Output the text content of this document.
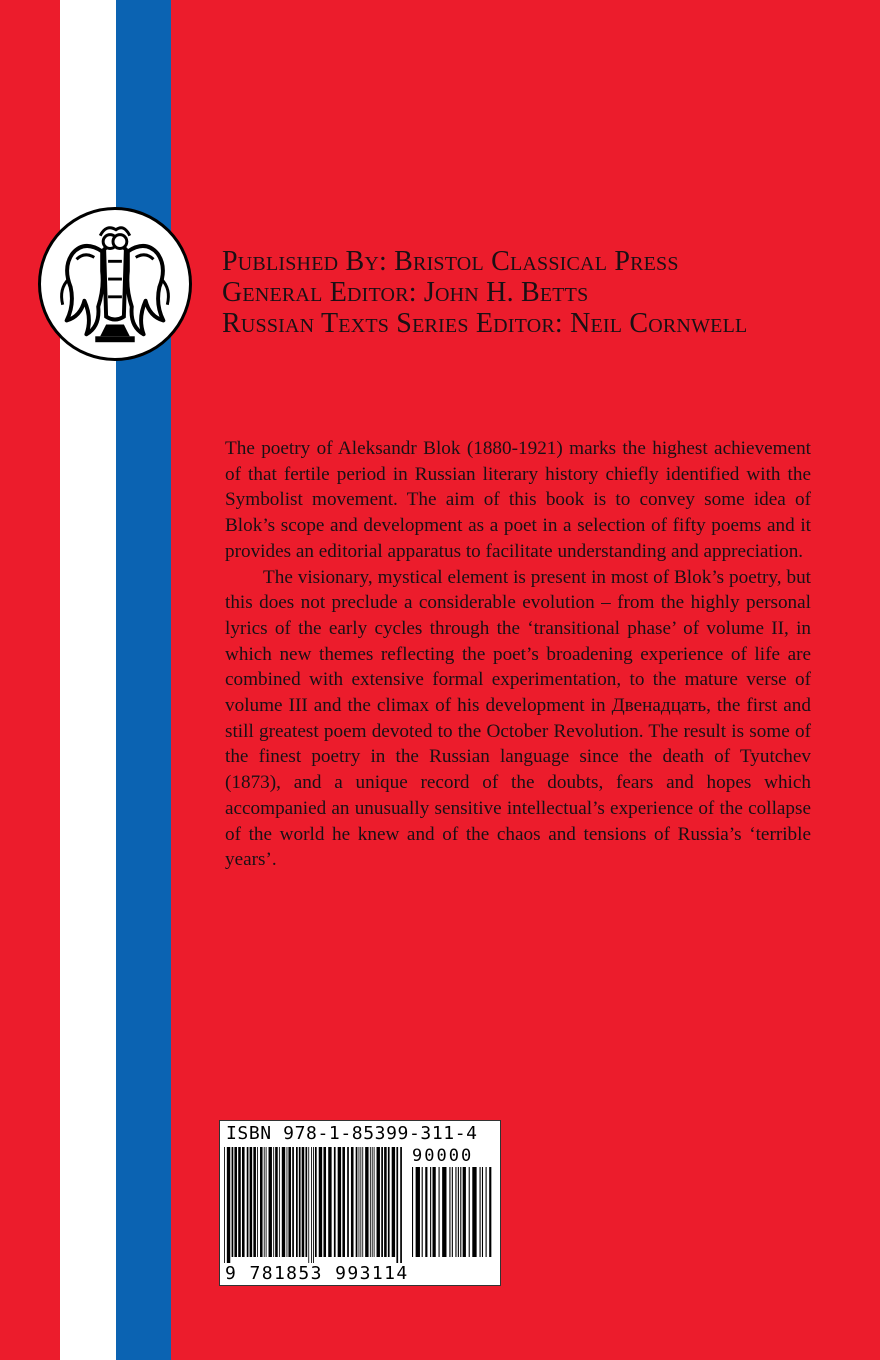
Published By: Bristol Classical Press
General Editor: John H. Betts
Russian Texts Series Editor: Neil Cornwell

The poetry of Aleksandr Blok (1880-1921) marks the highest achievement of that fertile period in Russian literary history chiefly identified with the Symbolist movement. The aim of this book is to convey some idea of Blok’s scope and development as a poet in a selection of fifty poems and it provides an editorial apparatus to facilitate understanding and appreciation.

The visionary, mystical element is present in most of Blok’s poetry, but this does not preclude a considerable evolution – from the highly personal lyrics of the early cycles through the ‘transitional phase’ of volume II, in which new themes reflecting the poet’s broadening experience of life are combined with extensive formal experimentation, to the mature verse of volume III and the climax of his development in Двенадцать, the first and still greatest poem devoted to the October Revolution. The result is some of the finest poetry in the Russian language since the death of Tyutchev (1873), and a unique record of the doubts, fears and hopes which accompanied an unusually sensitive intellectual’s experience of the collapse of the world he knew and of the chaos and tensions of Russia’s ‘terrible years’.

ISBN 978-1-85399-311-4
90000
9 781853 993114
